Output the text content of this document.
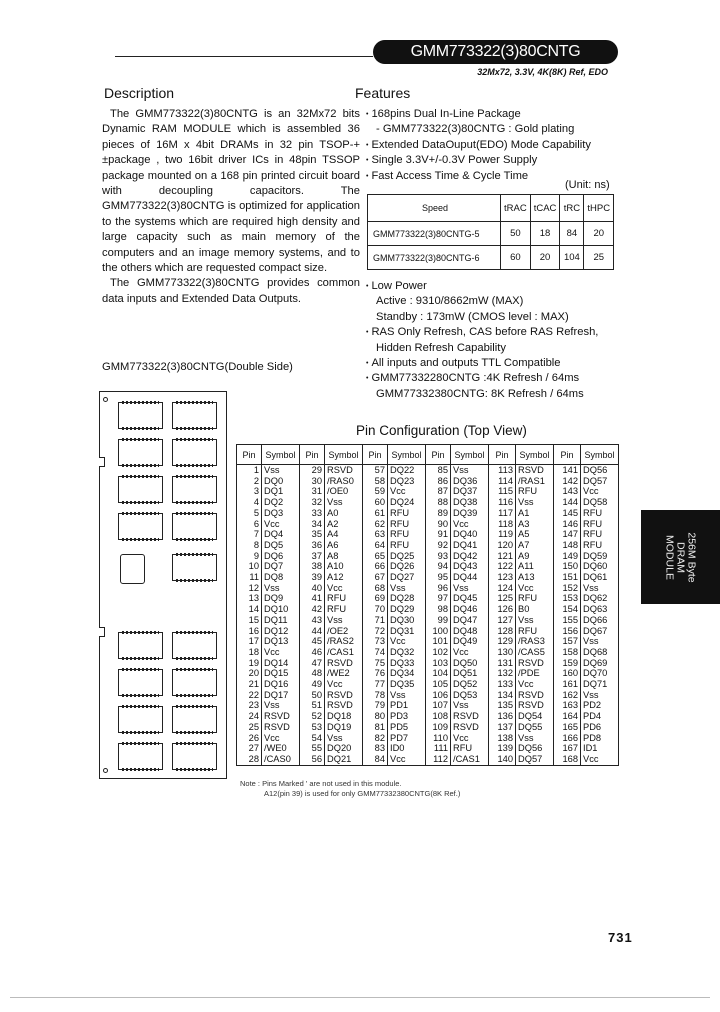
GMM773322(3)80CNTG
32Mx72, 3.3V, 4K(8K) Ref, EDO
Description

The GMM773322(3)80CNTG is an 32Mx72 bits Dynamic RAM MODULE which is assembled 36 pieces of 16M x 4bit DRAMs in 32 pin TSOP-+±package , two 16bit driver ICs in 48pin TSSOP package mounted on a 168 pin printed circuit board with decoupling capacitors. The GMM773322(3)80CNTG is optimized for application to the systems which are required high density and large capacity such as main memory of the computers and an image memory systems, and to the others which are requested compact size.

The GMM773322(3)80CNTG provides common data inputs and Extended Data Outputs.

GMM773322(3)80CNTG(Double Side)
Features
• 168pins Dual In-Line Package
- GMM773322(3)80CNTG : Gold plating
• Extended DataOuput(EDO) Mode Capability
• Single 3.3V+/-0.3V Power Supply
• Fast Access Time & Cycle Time
(Unit: ns)
Speed	tRAC	tCAC	tRC	tHPC
GMM773322(3)80CNTG-5	50	18	84	20
GMM773322(3)80CNTG-6	60	20	104	25
• Low Power
Active : 9310/8662mW (MAX)
Standby : 173mW (CMOS level : MAX)
• RAS Only Refresh, CAS before RAS Refresh,
Hidden Refresh Capability
• All inputs and outputs TTL Compatible
• GMM77332280CNTG :4K Refresh / 64ms
GMM77332380CNTG: 8K Refresh / 64ms
Pin Configuration (Top View)
Pin	Symbol	Pin	Symbol	Pin	Symbol	Pin	Symbol	Pin	Symbol	Pin	Symbol
1	Vss	29	RSVD	57	DQ22	85	Vss	113	RSVD	141	DQ56
2	DQ0	30	/RAS0	58	DQ23	86	DQ36	114	/RAS1	142	DQ57
3	DQ1	31	/OE0	59	Vcc	87	DQ37	115	RFU	143	Vcc
4	DQ2	32	Vss	60	DQ24	88	DQ38	116	Vss	144	DQ58
5	DQ3	33	A0	61	RFU	89	DQ39	117	A1	145	RFU
6	Vcc	34	A2	62	RFU	90	Vcc	118	A3	146	RFU
7	DQ4	35	A4	63	RFU	91	DQ40	119	A5	147	RFU
8	DQ5	36	A6	64	RFU	92	DQ41	120	A7	148	RFU
9	DQ6	37	A8	65	DQ25	93	DQ42	121	A9	149	DQ59
10	DQ7	38	A10	66	DQ26	94	DQ43	122	A11	150	DQ60
11	DQ8	39	A12	67	DQ27	95	DQ44	123	A13	151	DQ61
12	Vss	40	Vcc	68	Vss	96	Vss	124	Vcc	152	Vss
13	DQ9	41	RFU	69	DQ28	97	DQ45	125	RFU	153	DQ62
14	DQ10	42	RFU	70	DQ29	98	DQ46	126	B0	154	DQ63
15	DQ11	43	Vss	71	DQ30	99	DQ47	127	Vss	155	DQ66
16	DQ12	44	/OE2	72	DQ31	100	DQ48	128	RFU	156	DQ67
17	DQ13	45	/RAS2	73	Vcc	101	DQ49	129	/RAS3	157	Vss
18	Vcc	46	/CAS1	74	DQ32	102	Vcc	130	/CAS5	158	DQ68
19	DQ14	47	RSVD	75	DQ33	103	DQ50	131	RSVD	159	DQ69
20	DQ15	48	/WE2	76	DQ34	104	DQ51	132	/PDE	160	DQ70
21	DQ16	49	Vcc	77	DQ35	105	DQ52	133	Vcc	161	DQ71
22	DQ17	50	RSVD	78	Vss	106	DQ53	134	RSVD	162	Vss
23	Vss	51	RSVD	79	PD1	107	Vss	135	RSVD	163	PD2
24	RSVD	52	DQ18	80	PD3	108	RSVD	136	DQ54	164	PD4
25	RSVD	53	DQ19	81	PD5	109	RSVD	137	DQ55	165	PD6
26	Vcc	54	Vss	82	PD7	110	Vcc	138	Vss	166	PD8
27	/WE0	55	DQ20	83	ID0	111	RFU	139	DQ56	167	ID1
28	/CAS0	56	DQ21	84	Vcc	112	/CAS1	140	DQ57	168	Vcc
Note : Pins Marked ' are not used in this module.
A12(pin 39) is used for only GMM77332380CNTG(8K Ref.)
256M Byte
DRAM
MODULE
731
